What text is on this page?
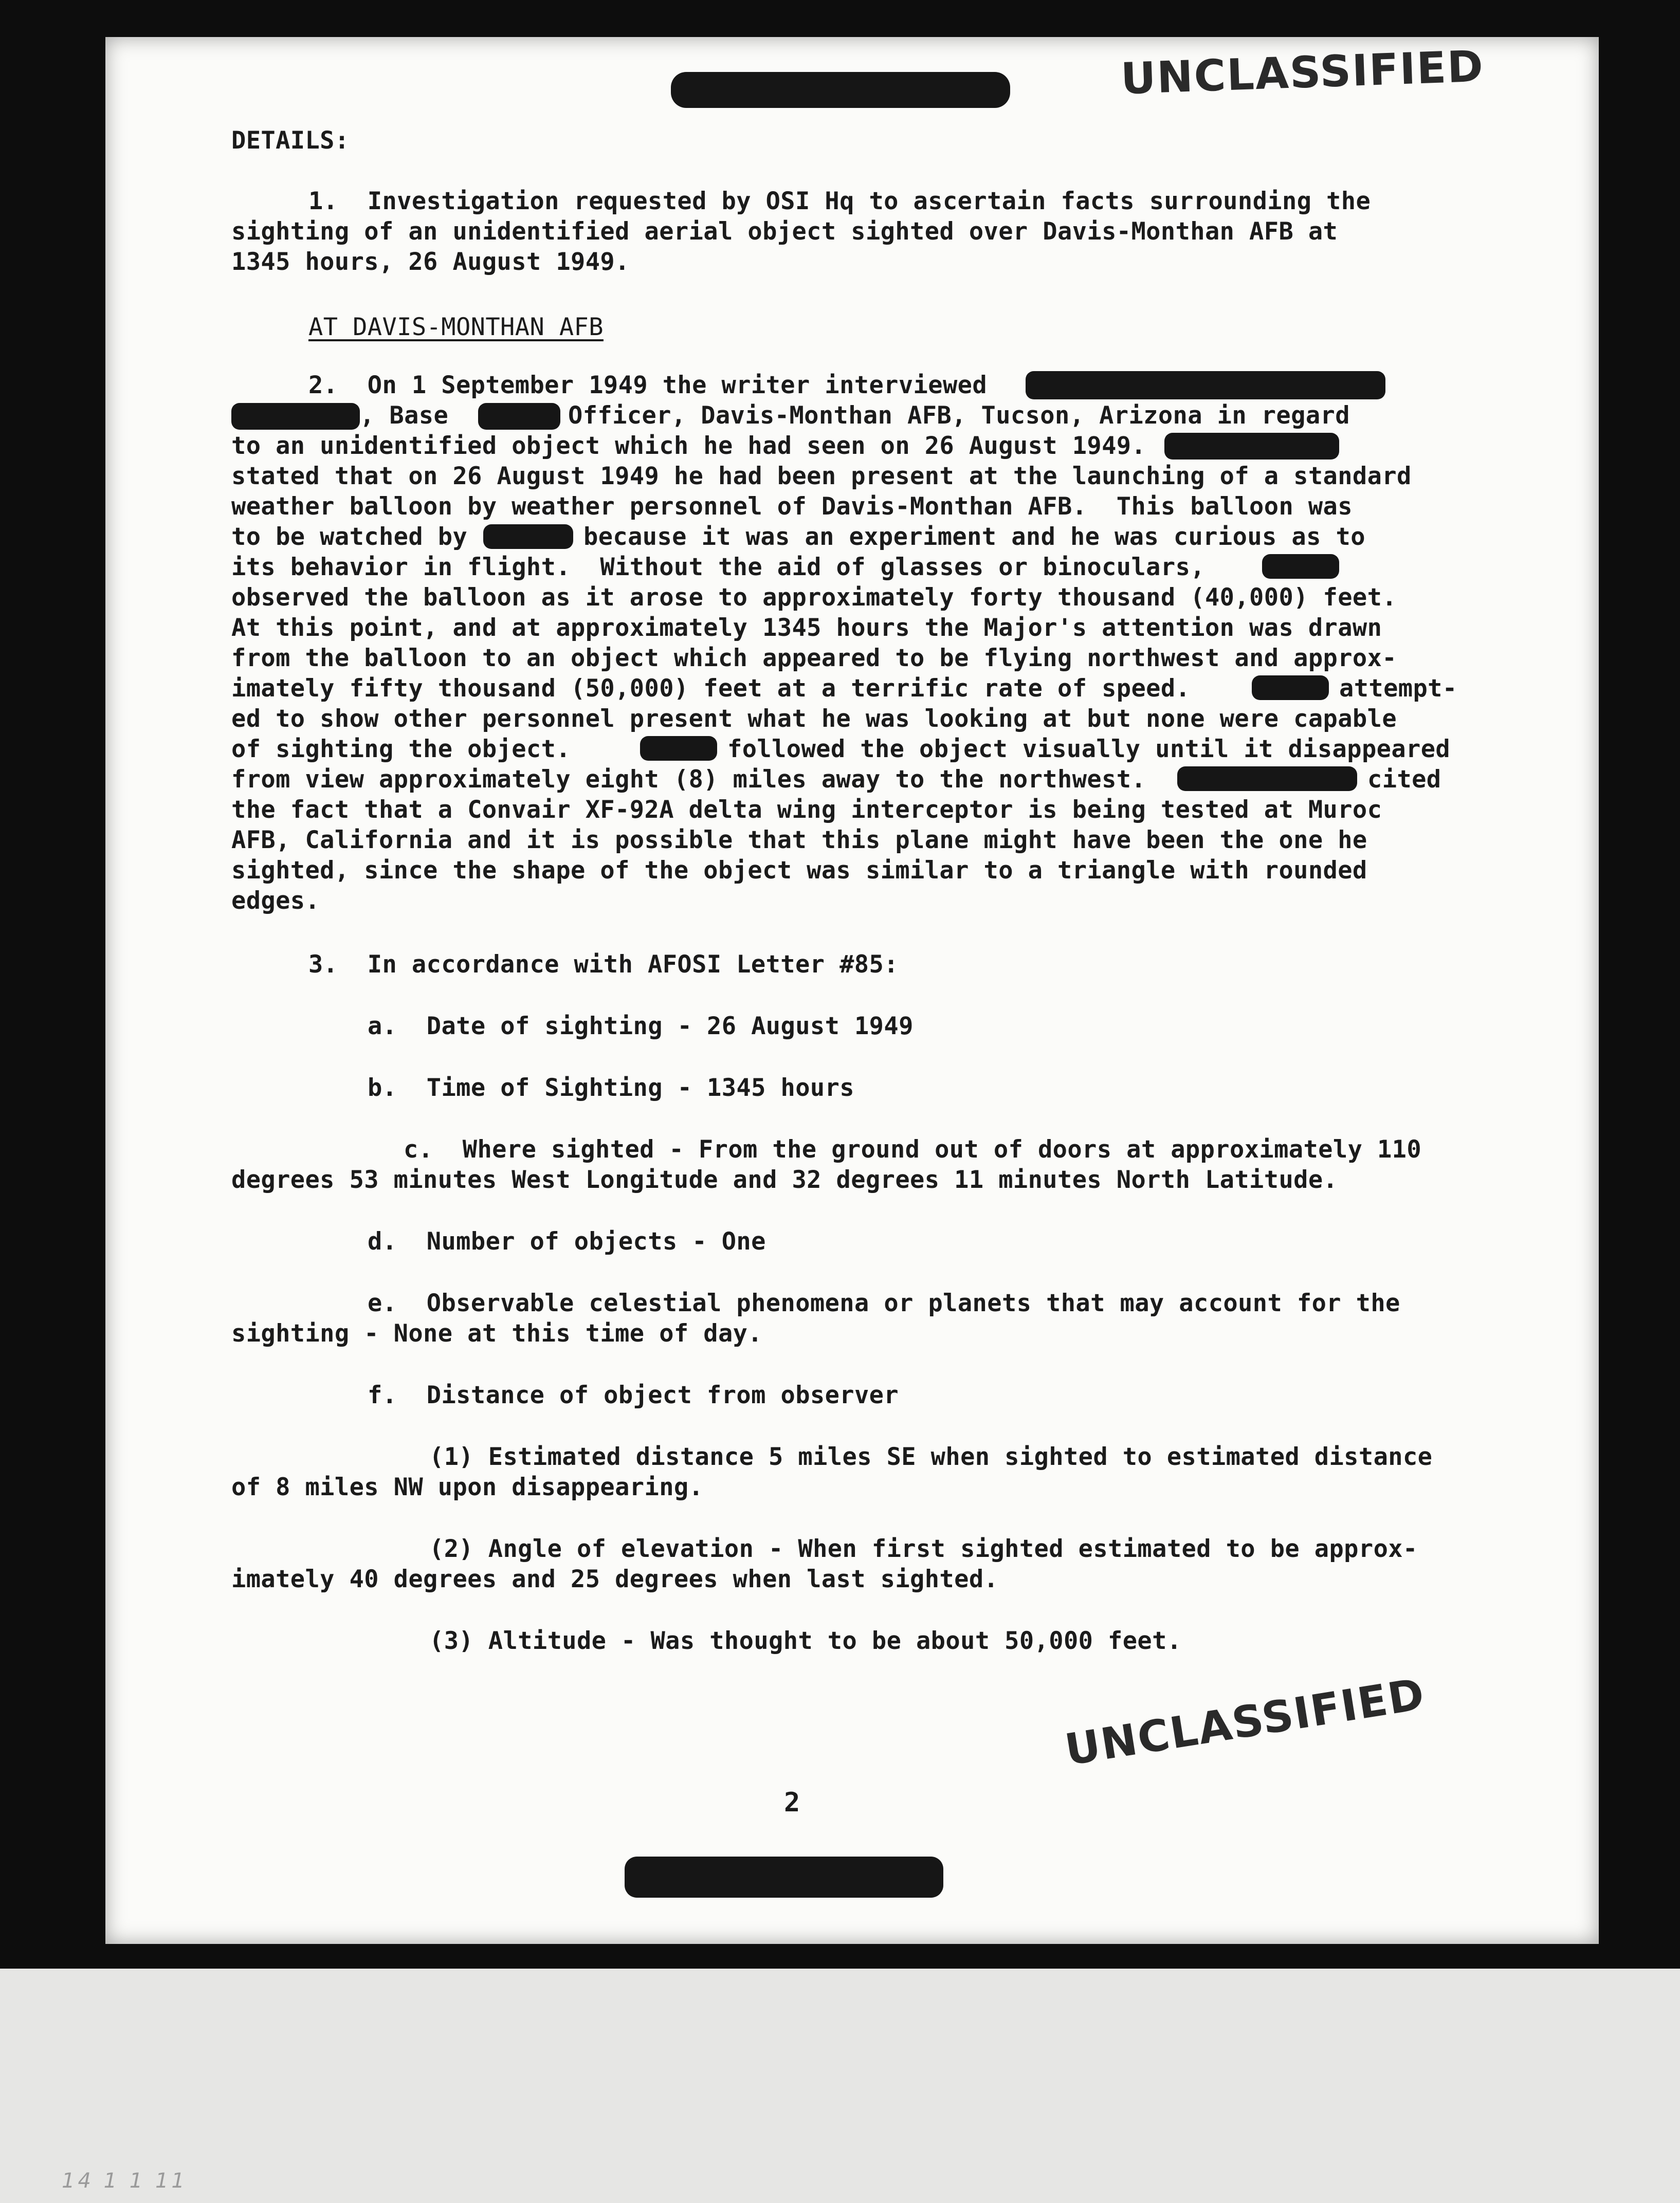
UNCLASSIFIED

DETAILS:

1.  Investigation requested by OSI Hq to ascertain facts surrounding the

sighting of an unidentified aerial object sighted over Davis-Monthan AFB at

1345 hours, 26 August 1949.

AT DAVIS-MONTHAN AFB

2.  On 1 September 1949 the writer interviewed

, Base	Officer, Davis-Monthan AFB, Tucson, Arizona in regard

to an unidentified object which he had seen on 26 August 1949.

stated that on 26 August 1949 he had been present at the launching of a standard

weather balloon by weather personnel of Davis-Monthan AFB.  This balloon was

to be watched by	because it was an experiment and he was curious as to

its behavior in flight.  Without the aid of glasses or binoculars,

observed the balloon as it arose to approximately forty thousand (40,000) feet.

At this point, and at approximately 1345 hours the Major's attention was drawn

from the balloon to an object which appeared to be flying northwest and approx-

imately fifty thousand (50,000) feet at a terrific rate of speed.	attempt-

ed to show other personnel present what he was looking at but none were capable

of sighting the object.	followed the object visually until it disappeared

from view approximately eight (8) miles away to the northwest.	cited

the fact that a Convair XF-92A delta wing interceptor is being tested at Muroc

AFB, California and it is possible that this plane might have been the one he

sighted, since the shape of the object was similar to a triangle with rounded

edges.

3.  In accordance with AFOSI Letter #85:

a.  Date of sighting - 26 August 1949

b.  Time of Sighting - 1345 hours

c.  Where sighted - From the ground out of doors at approximately 110

degrees 53 minutes West Longitude and 32 degrees 11 minutes North Latitude.

d.  Number of objects - One

e.  Observable celestial phenomena or planets that may account for the

sighting - None at this time of day.

f.  Distance of object from observer

(1) Estimated distance 5 miles SE when sighted to estimated distance

of 8 miles NW upon disappearing.

(2) Angle of elevation - When first sighted estimated to be approx-

imately 40 degrees and 25 degrees when last sighted.

(3) Altitude - Was thought to be about 50,000 feet.

UNCLASSIFIED

2

14 1 1 11
